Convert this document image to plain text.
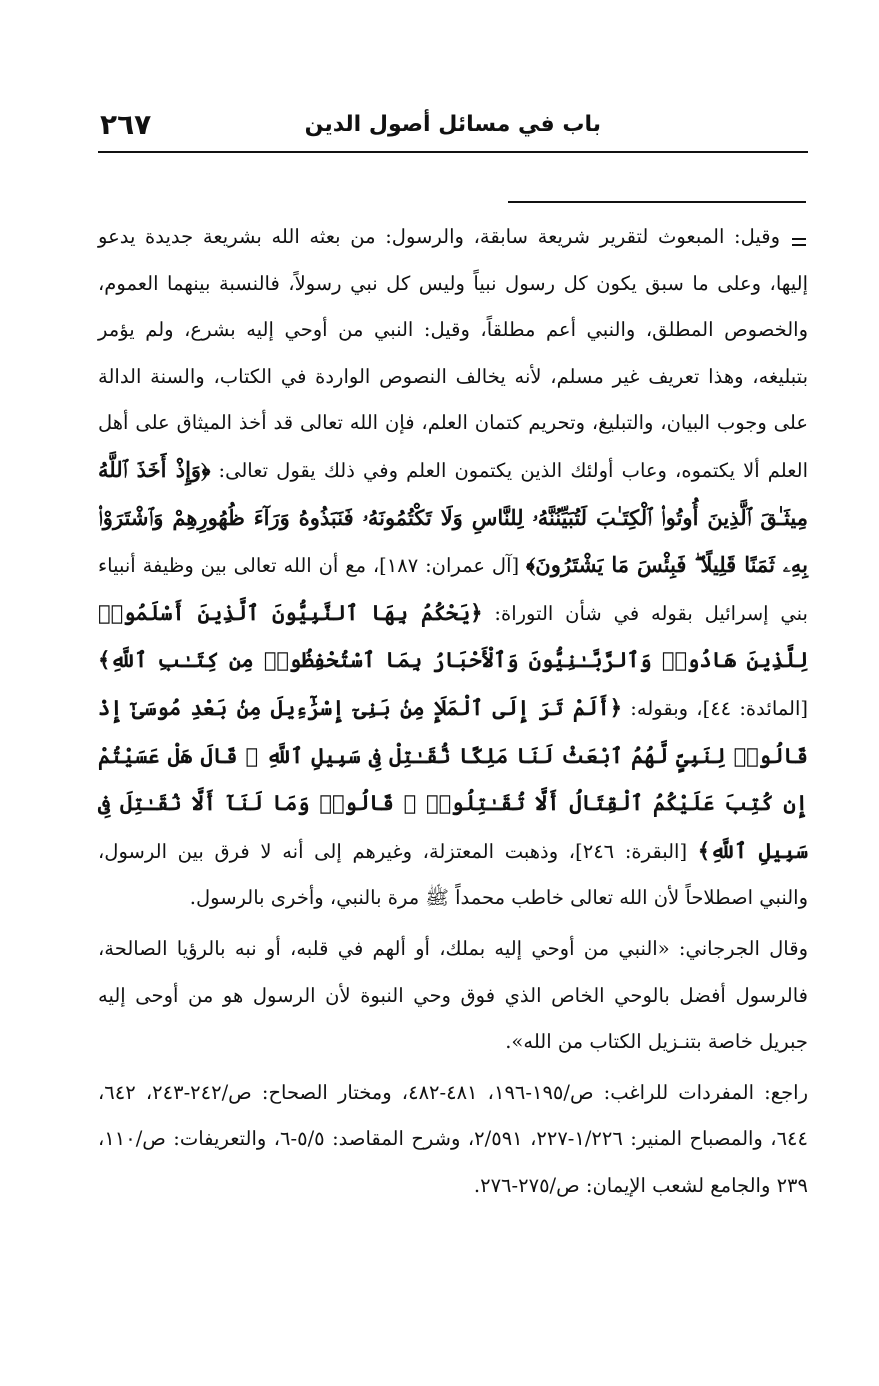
باب في مسائل أصول الدين
٢٦٧

وقيل: المبعوث لتقرير شريعة سابقة، والرسول: من بعثه الله بشريعة جديدة يدعو إليها، وعلى ما سبق يكون كل رسول نبياً وليس كل نبي رسولاً، فالنسبة بينهما العموم، والخصوص المطلق، والنبي أعم مطلقاً، وقيل: النبي من أوحي إليه بشرع، ولم يؤمر بتبليغه، وهذا تعريف غير مسلم، لأنه يخالف النصوص الواردة في الكتاب، والسنة الدالة على وجوب البيان، والتبليغ، وتحريم كتمان العلم، فإن الله تعالى قد أخذ الميثاق على أهل العلم ألا يكتموه، وعاب أولئك الذين يكتمون العلم وفي ذلك يقول تعالى: ﴿وَإِذْ أَخَذَ ٱللَّهُ مِيثَـٰقَ ٱلَّذِينَ أُوتُوا۟ ٱلْكِتَـٰبَ لَتُبَيِّنُنَّهُۥ لِلنَّاسِ وَلَا تَكْتُمُونَهُۥ فَنَبَذُوهُ وَرَآءَ ظُهُورِهِمْ وَٱشْتَرَوْا۟ بِهِۦ ثَمَنًا قَلِيلًا ۖ فَبِئْسَ مَا يَشْتَرُونَ﴾ [آل عمران: ١٨٧]، مع أن الله تعالى بين وظيفة أنبياء بني إسرائيل بقوله في شأن التوراة: ﴿يَحْكُمُ بِهَا ٱلنَّبِيُّونَ ٱلَّذِينَ أَسْلَمُوا۟ لِلَّذِينَ هَادُوا۟ وَٱلرَّبَّـٰنِيُّونَ وَٱلْأَحْبَارُ بِمَا ٱسْتُحْفِظُوا۟ مِن كِتَـٰبِ ٱللَّهِ﴾ [المائدة: ٤٤]، وبقوله: ﴿أَلَمْ تَرَ إِلَى ٱلْمَلَإِ مِنۢ بَنِىٓ إِسْرَٰٓءِيلَ مِنۢ بَعْدِ مُوسَىٰٓ إِذْ قَالُوا۟ لِنَبِىٍّ لَّهُمُ ٱبْعَثْ لَنَا مَلِكًا نُّقَـٰتِلْ فِى سَبِيلِ ٱللَّهِ ۖ قَالَ هَلْ عَسَيْتُمْ إِن كُتِبَ عَلَيْكُمُ ٱلْقِتَالُ أَلَّا تُقَـٰتِلُوا۟ ۖ قَالُوا۟ وَمَا لَنَآ أَلَّا نُقَـٰتِلَ فِى سَبِيلِ ٱللَّهِ﴾ [البقرة: ٢٤٦]، وذهبت المعتزلة، وغيرهم إلى أنه لا فرق بين الرسول، والنبي اصطلاحاً لأن الله تعالى خاطب محمداً ﷺ مرة بالنبي، وأخرى بالرسول.

وقال الجرجاني: «النبي من أوحي إليه بملك، أو ألهم في قلبه، أو نبه بالرؤيا الصالحة، فالرسول أفضل بالوحي الخاص الذي فوق وحي النبوة لأن الرسول هو من أوحى إليه جبريل خاصة بتنـزيل الكتاب من الله».

راجع: المفردات للراغب: ص/١٩٥-١٩٦، ٤٨١-٤٨٢، ومختار الصحاح: ص/٢٤٢-٢٤٣، ٦٤٢، ٦٤٤، والمصباح المنير: ١/٢٢٦-٢٢٧، ٢/٥٩١، وشرح المقاصد: ٥/٥-٦، والتعريفات: ص/١١٠، ٢٣٩ والجامع لشعب الإيمان: ص/٢٧٥-٢٧٦.
